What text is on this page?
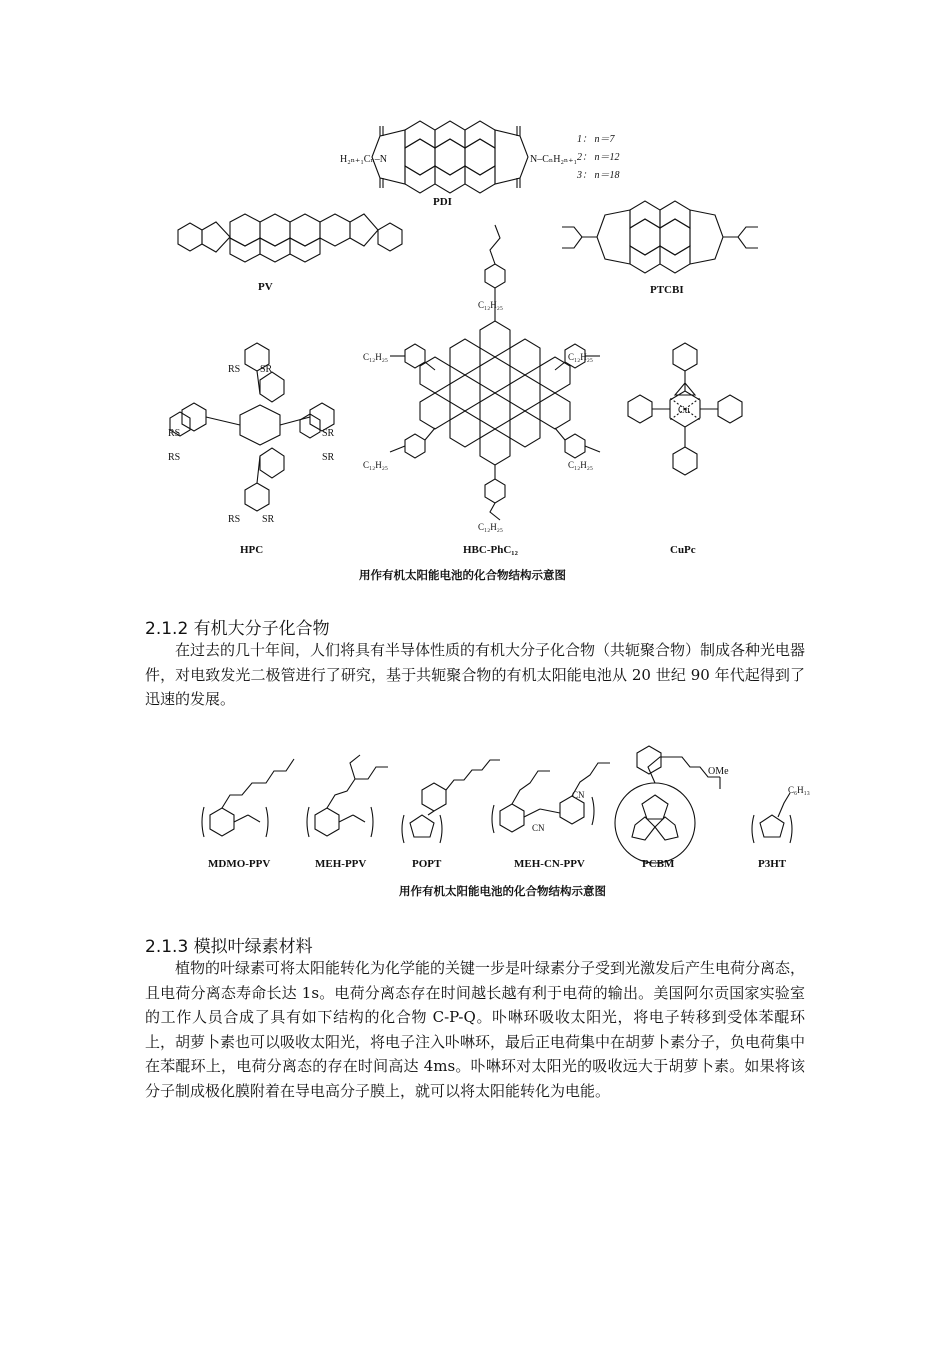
H₂ₙ₊₁Cₙ–N	N–CₙH₂ₙ₊₁
1： n＝7
2： n＝12
3： n＝18
PDI
PV	PTCBI
C₁₂H₂₅
C₁₂H₂₅	C₁₂H₂₅
C₁₂H₂₅	C₁₂H₂₅
C₁₂H₂₅
RS SR
RS
RS
SR
SR
RS SR
Cu
HPC	HBC-PhC₁₂	CuPc
用作有机太阳能电池的化合物结构示意图
2.1.2 有机大分子化合物
在过去的几十年间，人们将具有半导体性质的有机大分子化合物（共轭聚合物）制成各种光电器件，对电致发光二极管进行了研究，基于共轭聚合物的有机太阳能电池从 20 世纪 90 年代起得到了迅速的发展。
OMe
CN
CN
C₆H₁₃
MDMO-PPV	MEH-PPV	POPT	MEH-CN-PPV	PCBM	P3HT
用作有机太阳能电池的化合物结构示意图
2.1.3 模拟叶绿素材料
植物的叶绿素可将太阳能转化为化学能的关键一步是叶绿素分子受到光激发后产生电荷分离态，且电荷分离态寿命长达 1s。电荷分离态存在时间越长越有利于电荷的输出。美国阿尔贡国家实验室的工作人员合成了具有如下结构的化合物 C-P-Q。卟啉环吸收太阳光，将电子转移到受体苯醌环上，胡萝卜素也可以吸收太阳光，将电子注入卟啉环，最后正电荷集中在胡萝卜素分子，负电荷集中在苯醌环上，电荷分离态的存在时间高达 4ms。卟啉环对太阳光的吸收远大于胡萝卜素。如果将该分子制成极化膜附着在导电高分子膜上，就可以将太阳能转化为电能。
